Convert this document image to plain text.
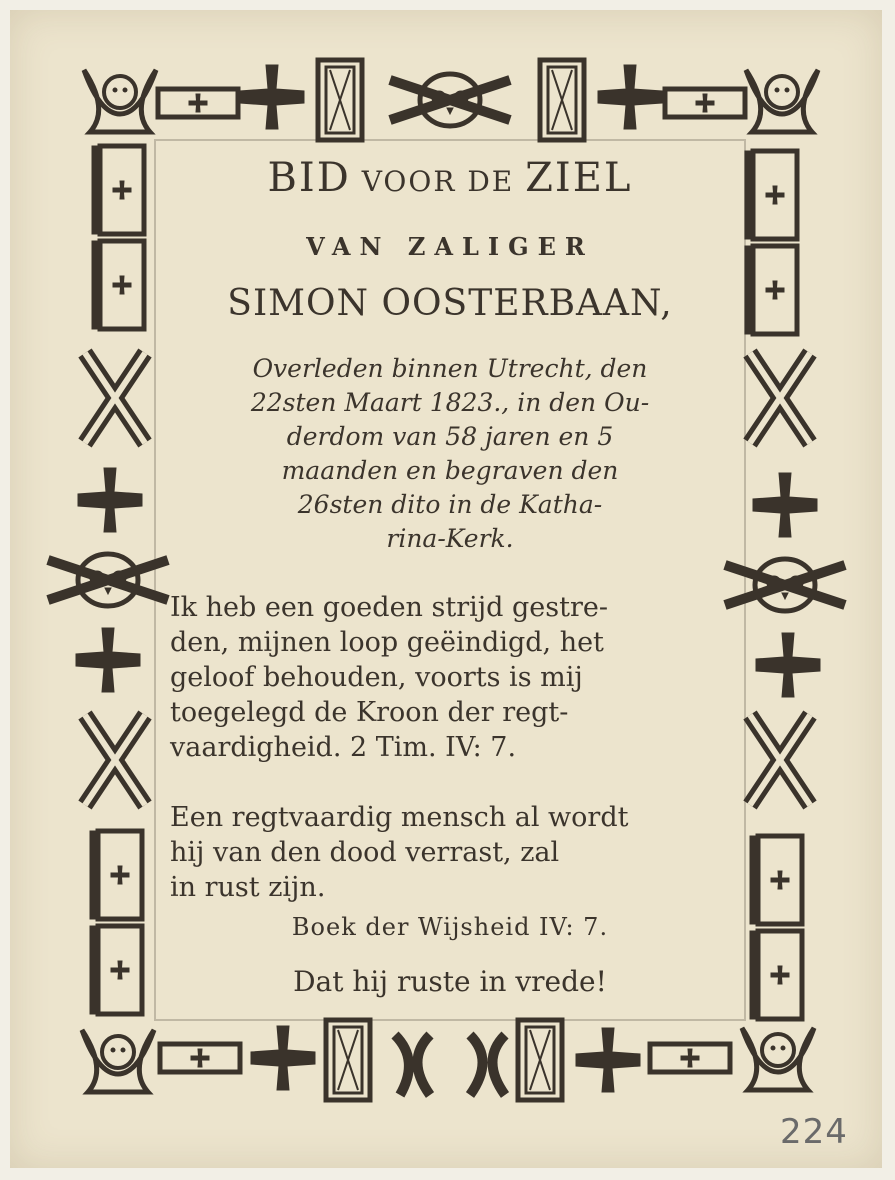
BID VOOR DE ZIEL
VAN ZALIGER
SIMON OOSTERBAAN,
Overleden binnen Utrecht, den
22sten Maart 1823., in den Ou-
derdom van 58 jaren en 5
maanden en begraven den
26sten dito in de Katha-
rina-Kerk.
Ik heb een goeden strijd gestre-
den, mijnen loop geëindigd, het
geloof behouden, voorts is mij
toegelegd de Kroon der regt-
vaardigheid. 2 Tim. IV: 7.
Een regtvaardig mensch al wordt
hij van den dood verrast, zal
in rust zijn.
Boek der Wijsheid IV: 7.
Dat hij ruste in vrede!
224
